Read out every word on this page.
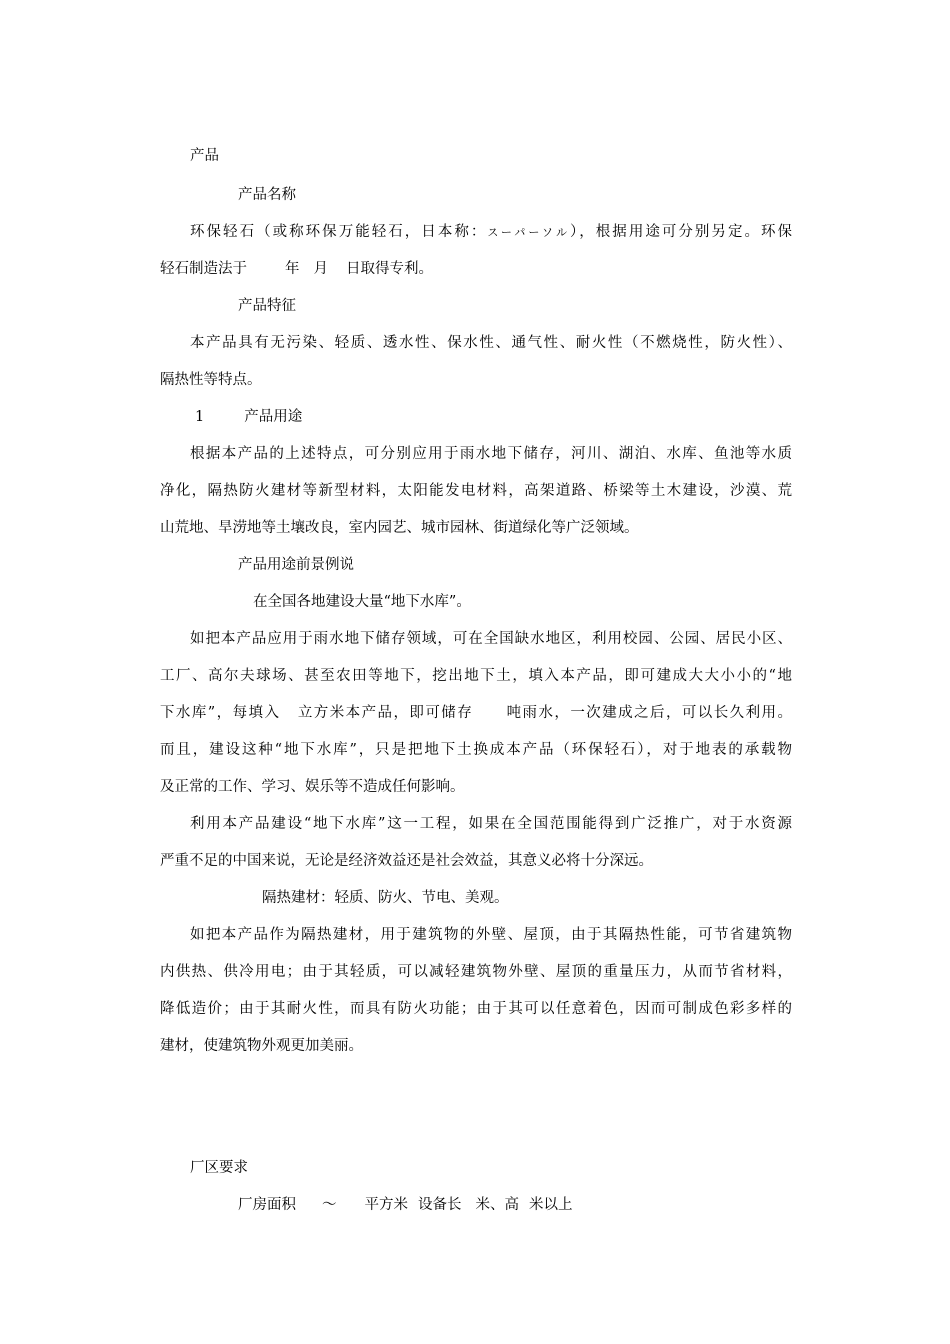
产品
产品名称
环保轻石（或称环保万能轻石，日本称：スーパーソル），根据用途可分别另定。环保
轻石制造法于	年 月 日取得专利。
产品特征
本产品具有无污染、轻质、透水性、保水性、通气性、耐火性（不燃烧性，防火性）、
隔热性等特点。
1	产品用途
根据本产品的上述特点，可分别应用于雨水地下储存，河川、湖泊、水库、鱼池等水质
净化，隔热防火建材等新型材料，太阳能发电材料，高架道路、桥梁等土木建设，沙漠、荒
山荒地、旱涝地等土壤改良，室内园艺、城市园林、街道绿化等广泛领域。
产品用途前景例说
在全国各地建设大量“地下水库”。
如把本产品应用于雨水地下储存领域，可在全国缺水地区，利用校园、公园、居民小区、
工厂、高尔夫球场、甚至农田等地下，挖出地下土，填入本产品，即可建成大大小小的“地
下水库”，每填入 立方米本产品，即可储存 吨雨水，一次建成之后，可以长久利用。
而且，建设这种“地下水库”，只是把地下土换成本产品（环保轻石），对于地表的承载物
及正常的工作、学习、娱乐等不造成任何影响。
利用本产品建设“地下水库”这一工程，如果在全国范围能得到广泛推广，对于水资源
严重不足的中国来说，无论是经济效益还是社会效益，其意义必将十分深远。
隔热建材：轻质、防火、节电、美观。
如把本产品作为隔热建材，用于建筑物的外壁、屋顶，由于其隔热性能，可节省建筑物
内供热、供冷用电；由于其轻质，可以减轻建筑物外壁、屋顶的重量压力，从而节省材料，
降低造价；由于其耐火性，而具有防火功能；由于其可以任意着色，因而可制成色彩多样的
建材，使建筑物外观更加美丽。
厂区要求
厂房面积 ～ 平方米 设备长 米、高 米以上
